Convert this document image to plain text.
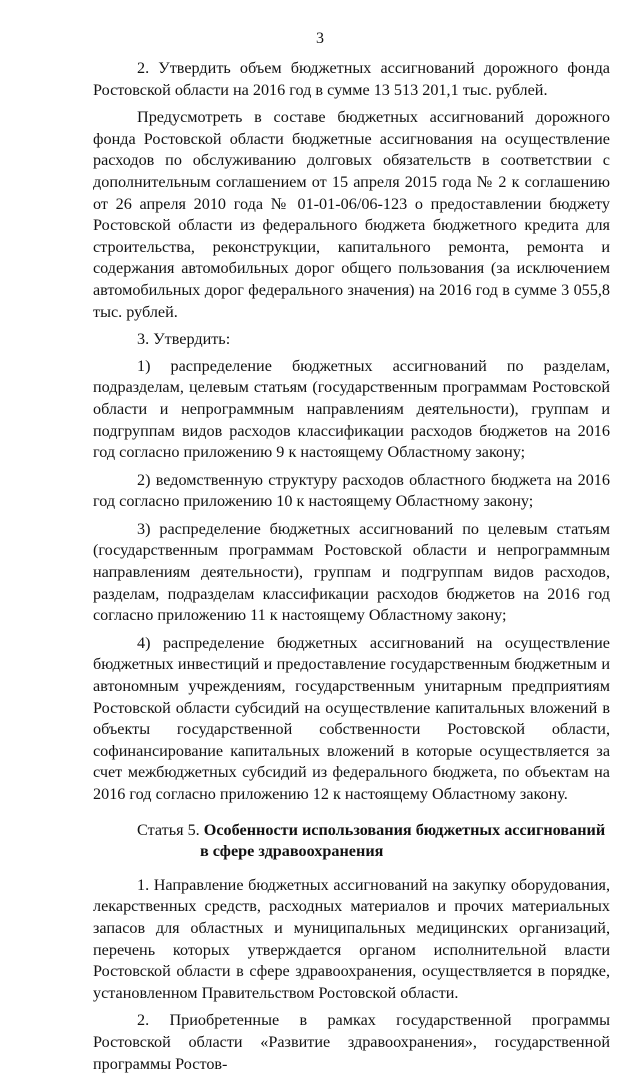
3

2. Утвердить объем бюджетных ассигнований дорожного фонда Ростовской области на 2016 год в сумме 13 513 201,1 тыс. рублей.

Предусмотреть в составе бюджетных ассигнований дорожного фонда Ростовской области бюджетные ассигнования на осуществление расходов по обслуживанию долговых обязательств в соответствии с дополнительным соглашением от 15 апреля 2015 года № 2 к соглашению от 26 апреля 2010 года № 01-01-06/06-123 о предоставлении бюджету Ростовской области из федерального бюджета бюджетного кредита для строительства, реконструкции, капитального ремонта, ремонта и содержания автомобильных дорог общего пользования (за исключением автомобильных дорог федерального значения) на 2016 год в сумме 3 055,8 тыс. рублей.

3. Утвердить:

1) распределение бюджетных ассигнований по разделам, подразделам, целевым статьям (государственным программам Ростовской области и непрограммным направлениям деятельности), группам и подгруппам видов расходов классификации расходов бюджетов на 2016 год согласно приложению 9 к настоящему Областному закону;

2) ведомственную структуру расходов областного бюджета на 2016 год согласно приложению 10 к настоящему Областному закону;

3) распределение бюджетных ассигнований по целевым статьям (государственным программам Ростовской области и непрограммным направлениям деятельности), группам и подгруппам видов расходов, разделам, подразделам классификации расходов бюджетов на 2016 год согласно приложению 11 к настоящему Областному закону;

4) распределение бюджетных ассигнований на осуществление бюджетных инвестиций и предоставление государственным бюджетным и автономным учреждениям, государственным унитарным предприятиям Ростовской области субсидий на осуществление капитальных вложений в объекты государственной собственности Ростовской области, софинансирование капитальных вложений в которые осуществляется за счет межбюджетных субсидий из федерального бюджета, по объектам на 2016 год согласно приложению 12 к настоящему Областному закону.

Статья 5. Особенности использования бюджетных ассигнований
в сфере здравоохранения

1. Направление бюджетных ассигнований на закупку оборудования, лекарственных средств, расходных материалов и прочих материальных запасов для областных и муниципальных медицинских организаций, перечень которых утверждается органом исполнительной власти Ростовской области в сфере здравоохранения, осуществляется в порядке, установленном Правительством Ростовской области.

2. Приобретенные в рамках государственной программы Ростовской области «Развитие здравоохранения», государственной программы Ростов-
